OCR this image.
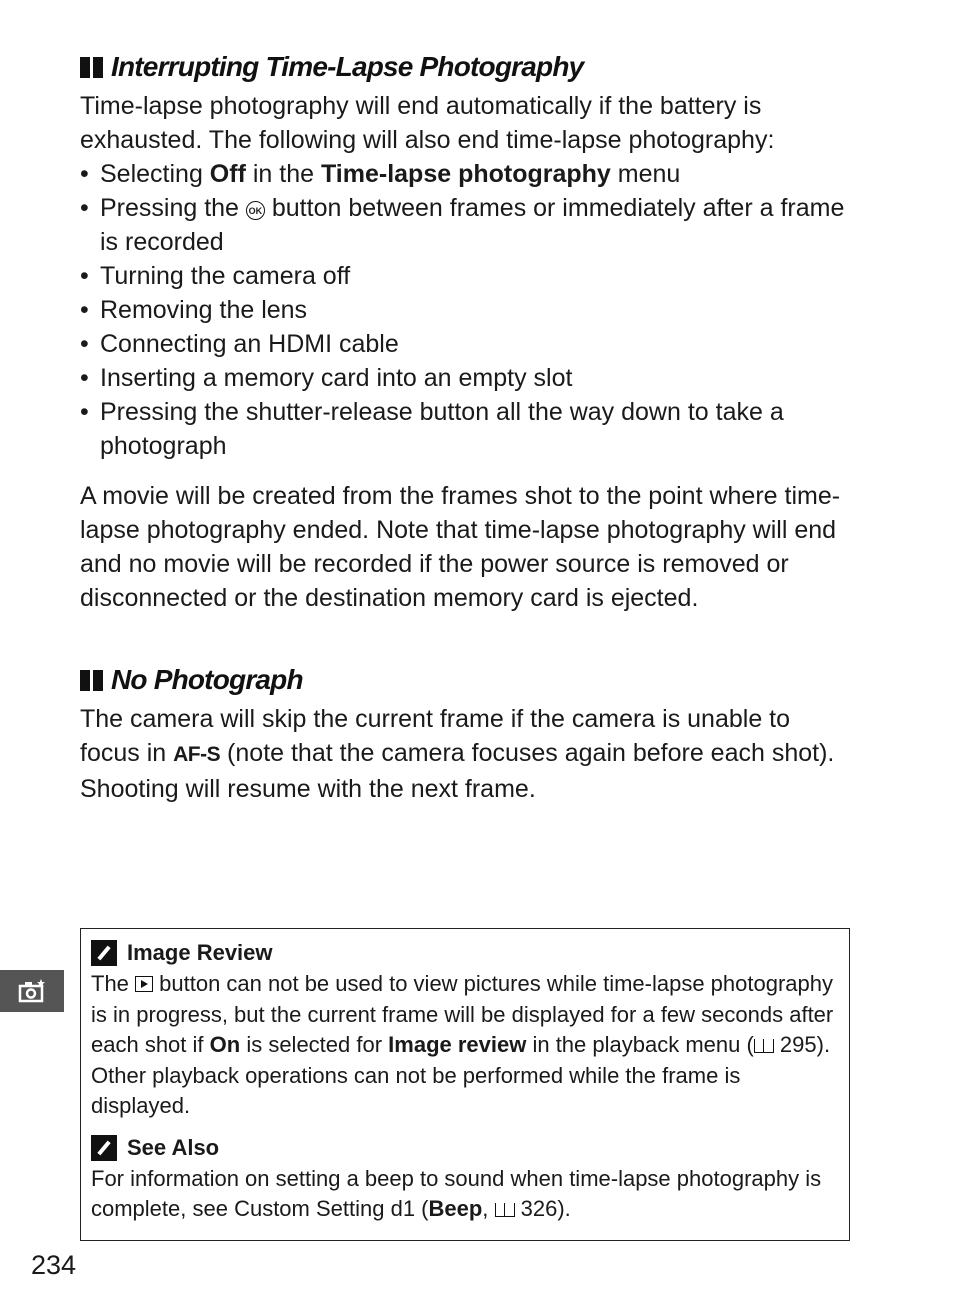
Interrupting Time-Lapse Photography

Time-lapse photography will end automatically if the battery is exhausted. The following will also end time-lapse photography:

• Selecting Off in the Time-lapse photography menu
• Pressing the OK button between frames or immediately after a frame is recorded
• Turning the camera off
• Removing the lens
• Connecting an HDMI cable
• Inserting a memory card into an empty slot
• Pressing the shutter-release button all the way down to take a photograph

A movie will be created from the frames shot to the point where time-lapse photography ended. Note that time-lapse photography will end and no movie will be recorded if the power source is removed or disconnected or the destination memory card is ejected.

No Photograph

The camera will skip the current frame if the camera is unable to focus in AF-S (note that the camera focuses again before each shot). Shooting will resume with the next frame.

Image Review

The  button can not be used to view pictures while time-lapse photography is in progress, but the current frame will be displayed for a few seconds after each shot if On is selected for Image review in the playback menu ( 295). Other playback operations can not be performed while the frame is displayed.

See Also

For information on setting a beep to sound when time-lapse photography is complete, see Custom Setting d1 (Beep,  326).

234
